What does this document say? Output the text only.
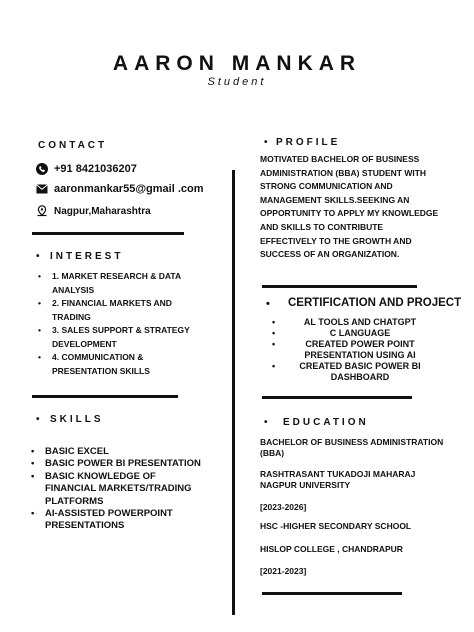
AARON MANKAR
Student
CONTACT
+91 8421036207
aaronmankar55@gmail .com
Nagpur,Maharashtra
• INTEREST
• 1. MARKET RESEARCH & DATA ANALYSIS
• 2. FINANCIAL MARKETS AND TRADING
• 3. SALES SUPPORT & STRATEGY DEVELOPMENT
• 4. COMMUNICATION & PRESENTATION SKILLS
• SKILLS
• BASIC EXCEL
• BASIC POWER BI PRESENTATION
• BASIC KNOWLEDGE OF FINANCIAL MARKETS/TRADING PLATFORMS
• AI-ASSISTED POWERPOINT PRESENTATIONS
• PROFILE
MOTIVATED BACHELOR OF BUSINESS ADMINISTRATION (BBA) STUDENT WITH STRONG COMMUNICATION AND MANAGEMENT SKILLS.SEEKING AN OPPORTUNITY TO APPLY MY KNOWLEDGE AND SKILLS TO CONTRIBUTE EFFECTIVELY TO THE GROWTH AND SUCCESS OF AN ORGANIZATION.
• CERTIFICATION AND PROJECT
• AL TOOLS AND CHATGPT
• C LANGUAGE
• CREATED POWER POINT PRESENTATION USING AI
• CREATED BASIC POWER BI DASHBOARD
• EDUCATION
BACHELOR OF BUSINESS ADMINISTRATION (BBA)
RASHTRASANT TUKADOJI MAHARAJ NAGPUR UNIVERSITY
[2023-2026]
HSC -HIGHER SECONDARY SCHOOL
HISLOP COLLEGE , CHANDRAPUR
[2021-2023]
